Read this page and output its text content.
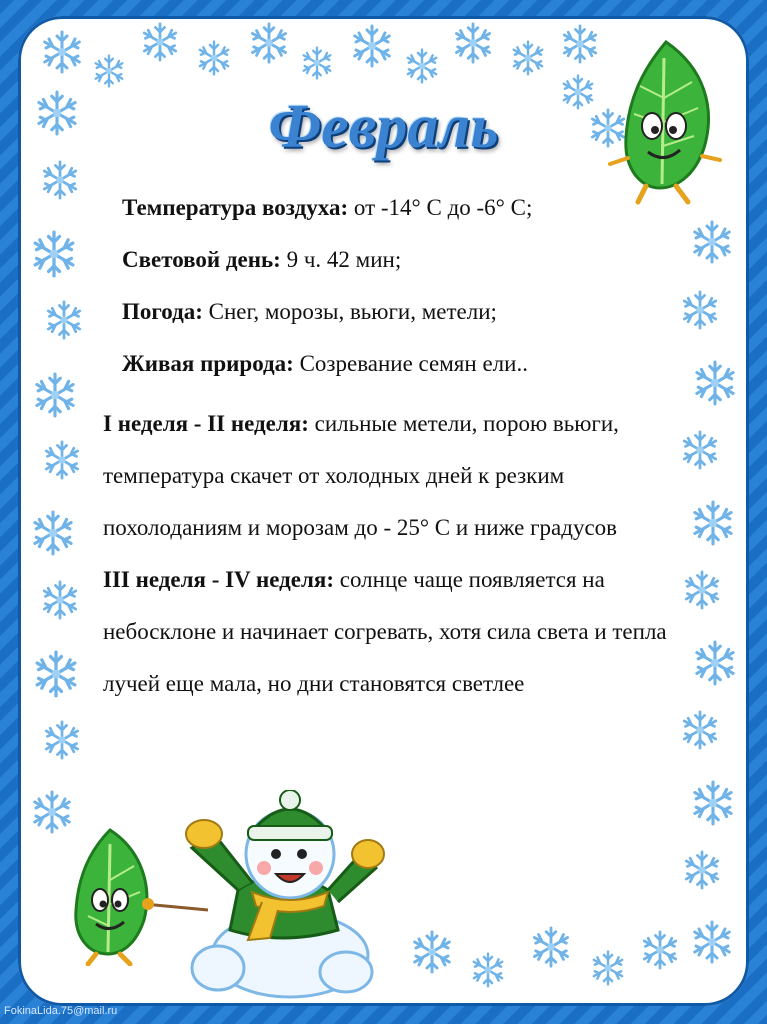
Февраль

Температура воздуха: от -14° С до -6° С;

Световой день: 9 ч. 42 мин;

Погода: Снег, морозы, вьюги, метели;

Живая природа: Созревание семян ели..

I неделя - II неделя: сильные метели, порою вьюги, температура скачет от холодных дней к резким похолоданиям и морозам до - 25° С и ниже градусов

III неделя - IV неделя: солнце чаще появляется на небосклоне и начинает согревать, хотя сила света и тепла лучей еще мала, но дни становятся светлее

FokinaLida.75@mail.ru
